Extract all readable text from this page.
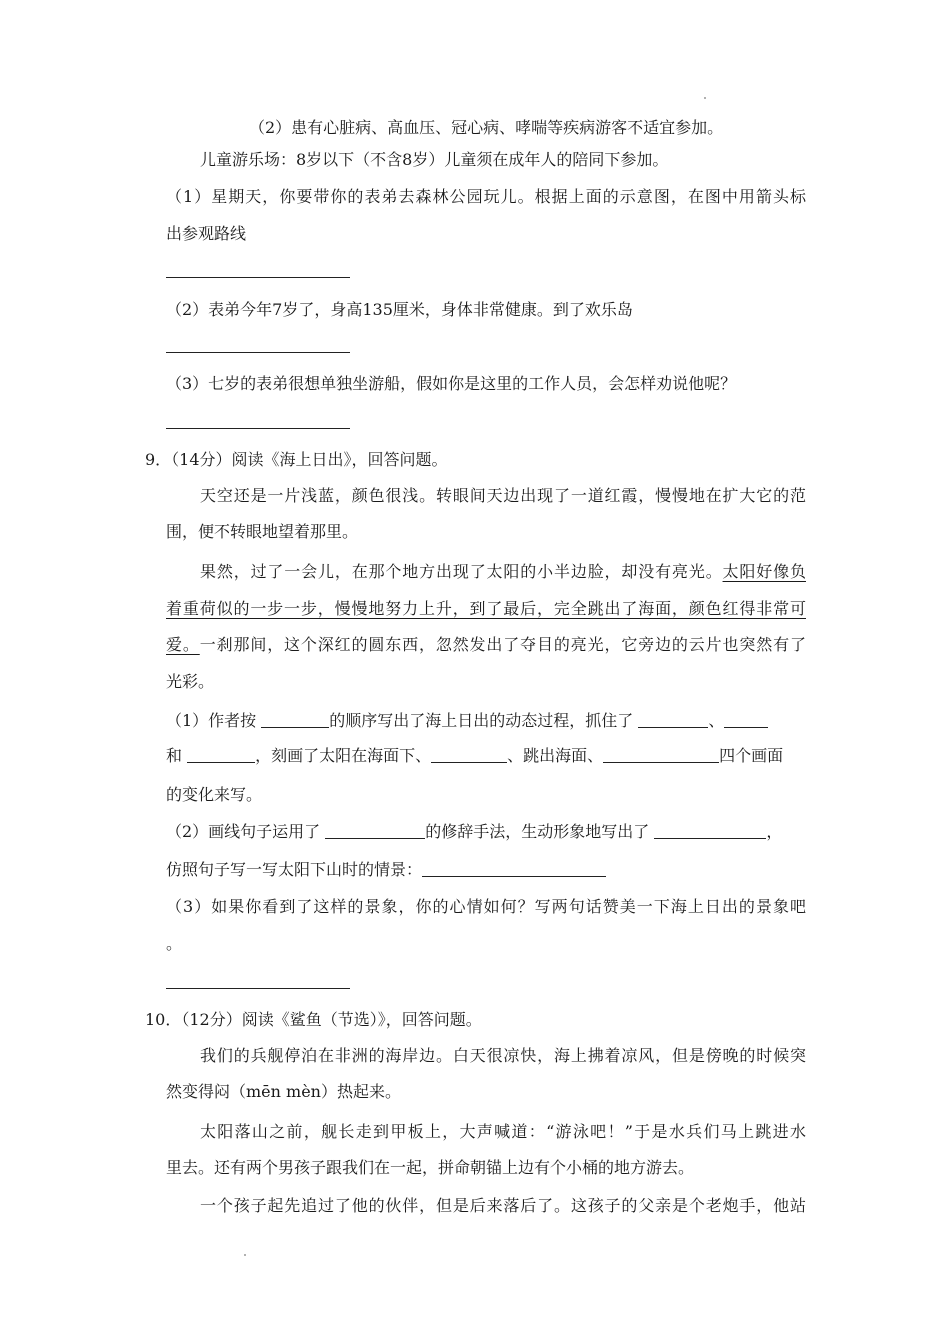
（2）患有心脏病、高血压、冠心病、哮喘等疾病游客不适宜参加。
儿童游乐场：8岁以下（不含8岁）儿童须在成年人的陪同下参加。
（1）星期天，你要带你的表弟去森林公园玩儿。根据上面的示意图，在图中用箭头标
出参观路线
（2）表弟今年7岁了，身高135厘米，身体非常健康。到了欢乐岛
（3）七岁的表弟很想单独坐游船，假如你是这里的工作人员，会怎样劝说他呢？
9．（14分）阅读《海上日出》，回答问题。
天空还是一片浅蓝，颜色很浅。转眼间天边出现了一道红霞，慢慢地在扩大它的范
围，便不转眼地望着那里。
果然，过了一会儿，在那个地方出现了太阳的小半边脸，却没有亮光。太阳好像负
着重荷似的一步一步，慢慢地努力上升，到了最后，完全跳出了海面，颜色红得非常可
爱。一刹那间，这个深红的圆东西，忽然发出了夺目的亮光，它旁边的云片也突然有了
光彩。
（1）作者按	的顺序写出了海上日出的动态过程，抓住了	、
和	，刻画了太阳在海面下、	、跳出海面、	四个画面
的变化来写。
（2）画线句子运用了	的修辞手法，生动形象地写出了	，
仿照句子写一写太阳下山时的情景：
（3）如果你看到了这样的景象，你的心情如何？写两句话赞美一下海上日出的景象吧
。
10．（12分）阅读《鲨鱼（节选）》，回答问题。
我们的兵舰停泊在非洲的海岸边。白天很凉快，海上拂着凉风，但是傍晚的时候突
然变得闷（mēn mèn）热起来。
太阳落山之前，舰长走到甲板上，大声喊道：“游泳吧！”于是水兵们马上跳进水
里去。还有两个男孩子跟我们在一起，拼命朝锚上边有个小桶的地方游去。
一个孩子起先追过了他的伙伴，但是后来落后了。这孩子的父亲是个老炮手，他站
